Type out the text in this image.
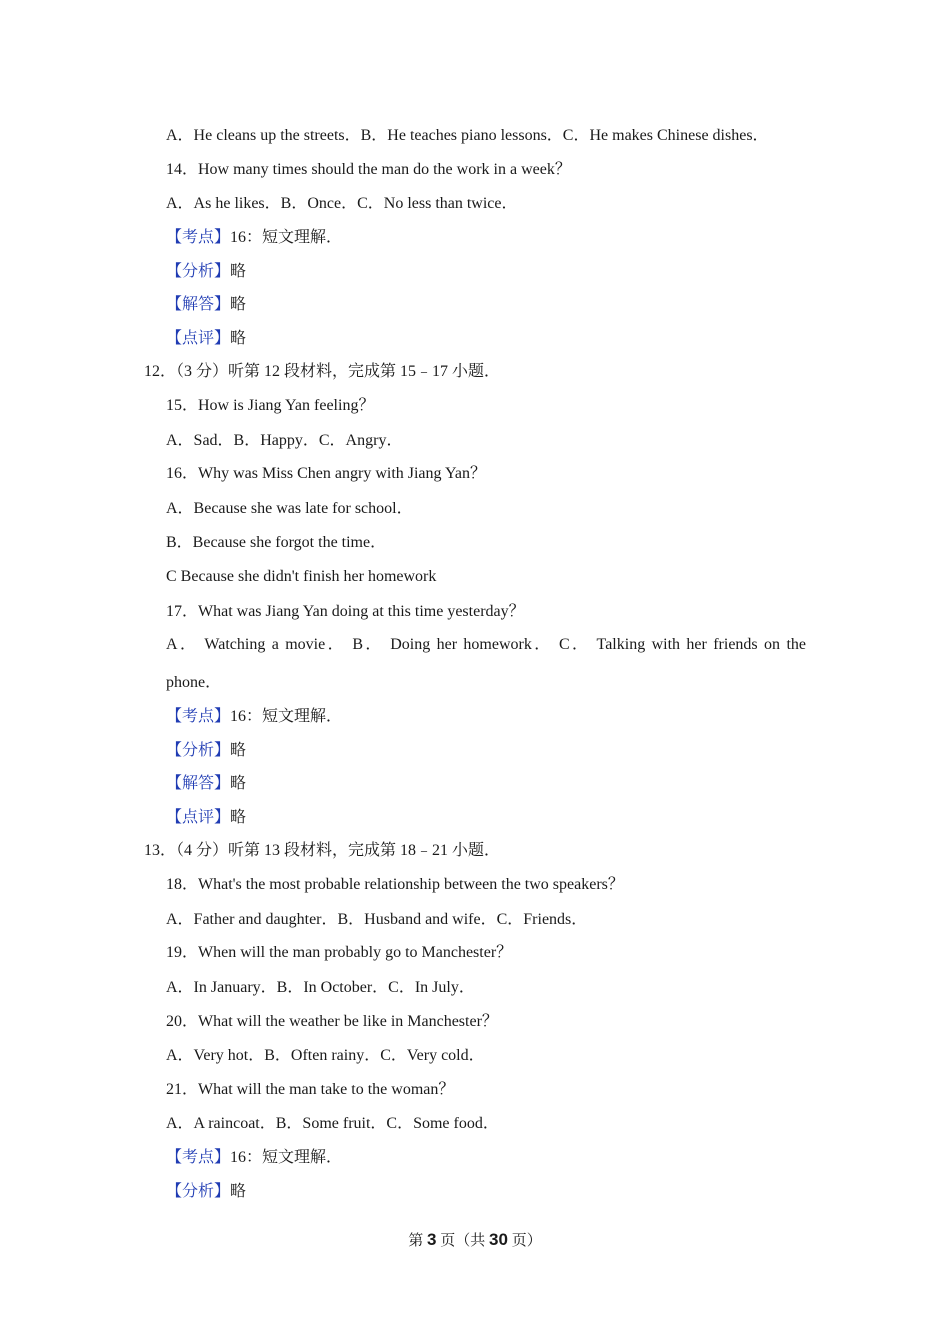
A．He cleans up the streets．B．He teaches piano lessons．C．He makes Chinese dishes．
14．How many times should the man do the work in a week？
A．As he likes．B．Once．C．No less than twice．
【考点】16：短文理解．
【分析】略
【解答】略
【点评】略
12．（3 分）听第 12 段材料，完成第 15﹣17 小题．
15．How is Jiang Yan feeling？
A．Sad．B．Happy．C．Angry．
16．Why was Miss Chen angry with Jiang Yan？
A．Because she was late for school．
B．Because she forgot the time．
C Because she didn't finish her homework
17．What was Jiang Yan doing at this time yesterday？
A． Watching a movie． B． Doing her homework． C． Talking with her friends on the
phone．
【考点】16：短文理解．
【分析】略
【解答】略
【点评】略
13．（4 分）听第 13 段材料，完成第 18﹣21 小题．
18．What's the most probable relationship between the two speakers？
A．Father and daughter．B．Husband and wife．C．Friends．
19．When will the man probably go to Manchester？
A．In January．B．In October．C．In July．
20．What will the weather be like in Manchester？
A．Very hot．B．Often rainy．C．Very cold．
21．What will the man take to the woman？
A．A raincoat．B．Some fruit．C．Some food．
【考点】16：短文理解．
【分析】略
第 3 页（共 30 页）
